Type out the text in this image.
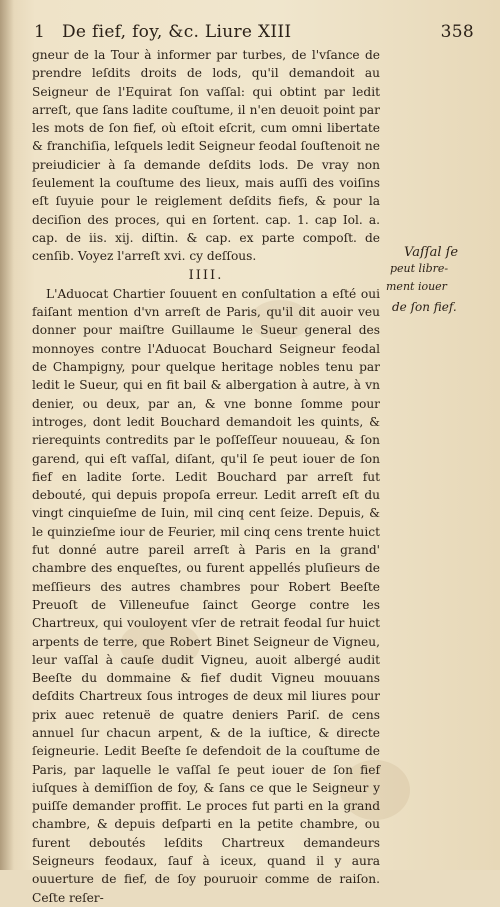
1 De fief, foy, &c. Liure XIII	358

gneur de la Tour à informer par turbes, de l'vſance de prendre leſdits droits de lods, qu'il demandoit au Seigneur de l'Equirat ſon vaſſal: qui obtint par ledit arreſt, que ſans ladite couſtume, il n'en deuoit point par les mots de ſon fief, où eſtoit eſcrit, cum omni libertate & franchiſia, leſquels ledit Seigneur feodal ſouſtenoit ne preiudicier à ſa demande deſdits lods. De vray non ſeulement la couſtume des lieux, mais auſſi des voiſins eſt ſuyuie pour le reiglement deſdits fiefs, & pour la deciſion des proces, qui en ſortent. cap. 1. cap Iol. a. cap. de iis. xij. diſtin. & cap. ex parte compoſt. de cenſib. Voyez l'arreſt xvi. cy deſſous.

IIII.

L'Aduocat Chartier ſouuent en conſultation a eſté oui faiſant mention d'vn arreſt de Paris, qu'il dit auoir veu donner pour maiſtre Guillaume le Sueur general des monnoyes contre l'Aduocat Bouchard Seigneur feodal de Champigny, pour quelque heritage nobles tenu par ledit le Sueur, qui en fit bail & albergation à autre, à vn denier, ou deux, par an, & vne bonne ſomme pour introges, dont ledit Bouchard demandoit les quints, & rierequints contredits par le poſſeſſeur nouueau, & ſon garend, qui eſt vaſſal, diſant, qu'il ſe peut iouer de ſon fief en ladite ſorte. Ledit Bouchard par arreſt fut debouté, qui depuis propoſa erreur. Ledit arreſt eſt du vingt cinquieſme de Iuin, mil cinq cent ſeize. Depuis, & le quinzieſme iour de Feurier, mil cinq cens trente huict fut donné autre pareil arreſt à Paris en la grand' chambre des enqueſtes, ou furent appellés pluſieurs de meſſieurs des autres chambres pour Robert Beeſte Preuoſt de Villeneufue ſainct George contre les Chartreux, qui vouloyent vſer de retrait feodal ſur huict arpents de terre, que Robert Binet Seigneur de Vigneu, leur vaſſal à cauſe dudit Vigneu, auoit albergé audit Beeſte du dommaine & fief dudit Vigneu mouuans deſdits Chartreux ſous introges de deux mil liures pour prix auec retenuë de quatre deniers Pariſ. de cens annuel ſur chacun arpent, & de la iuſtice, & directe ſeigneurie. Ledit Beeſte ſe defendoit de la couſtume de Paris, par laquelle le vaſſal ſe peut iouer de ſon fief iuſques à demiſſion de foy, & ſans ce que le Seigneur y puiſſe demander proffit. Le proces fut parti en la grand chambre, & depuis deſparti en la petite chambre, ou furent deboutés leſdits Chartreux demandeurs Seigneurs feodaux, ſauf à iceux, quand il y aura ouuerture de fief, de ſoy pouruoir comme de raiſon. Ceſte reſer-

Vaſſal ſe
peut libre-
ment iouer
de ſon fief.
